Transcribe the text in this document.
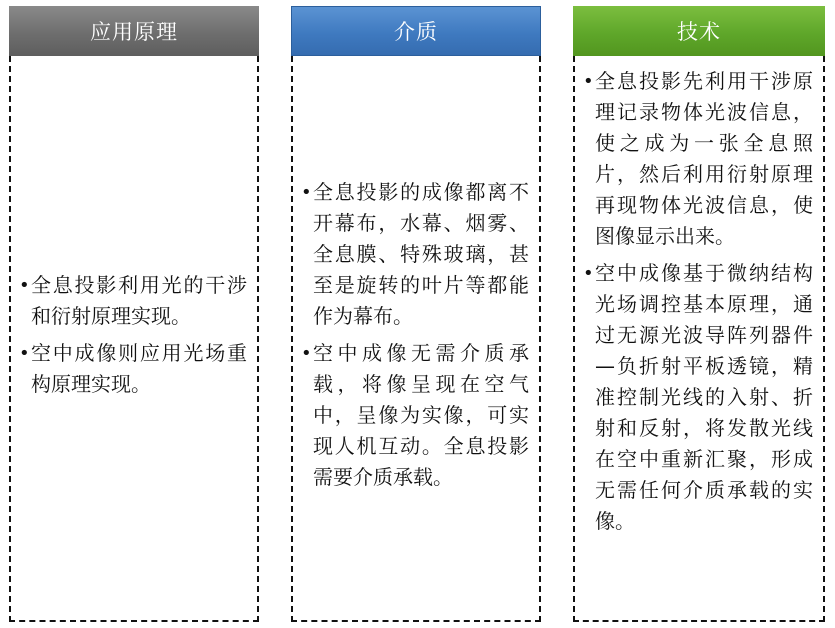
应用原理
• 全息投影利用光的干涉和衍射原理实现。
• 空中成像则应用光场重构原理实现。
介质
• 全息投影的成像都离不开幕布，水幕、烟雾、全息膜、特殊玻璃，甚至是旋转的叶片等都能作为幕布。
• 空中成像无需介质承载，将像呈现在空气中，呈像为实像，可实现人机互动。全息投影需要介质承载。
技术
• 全息投影先利用干涉原理记录物体光波信息，使之成为一张全息照片，然后利用衍射原理再现物体光波信息，使图像显示出来。
• 空中成像基于微纳结构光场调控基本原理，通过无源光波导阵列器件—负折射平板透镜，精准控制光线的入射、折射和反射，将发散光线在空中重新汇聚，形成无需任何介质承载的实像。
